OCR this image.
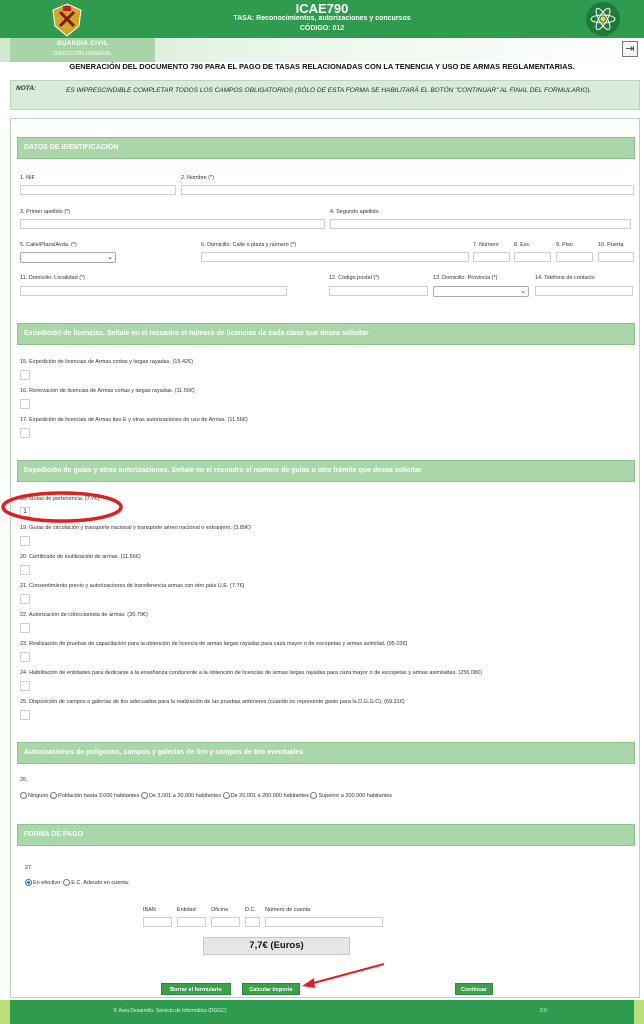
ICAE790
TASA: Reconocimientos, autorizaciones y concursos
CÓDIGO: 012
GUARDIA CIVIL
DIRECCIÓN GENERAL	⇥
GENERACIÓN DEL DOCUMENTO 790 PARA EL PAGO DE TASAS RELACIONADAS CON LA TENENCIA Y USO DE ARMAS REGLAMENTARIAS.
NOTA:	ES IMPRESCINDIBLE COMPLETAR TODOS LOS CAMPOS OBLIGATORIOS (SÓLO DE ESTA FORMA SE HABILITARÁ EL BOTÓN "CONTINUAR" AL FINAL DEL FORMULARIO).
DATOS DE IDENTIFICACIÓN
1. NIF	2. Nombre (*)
3. Primer apellido (*)	4. Segundo apellido
5. Calle/Plaza/Avda. (*)
⌄
6. Domicilio: Calle o plaza y número (*)	7. Número	8. Esc.	9. Piso	10. Puerta
11. Domicilio: Localidad (*)	12. Código postal (*)	13. Domicilio: Provincia (*)
⌄
14. Teléfono de contacto
Expedición de licencias. Señale en el recuadro el número de licencias de cada clase que desea solicitar
15. Expedición de licencias de Armas cortas y largas rayadas. (15.42€)
16. Renovación de licencias de Armas cortas y largas rayadas. (11.56€)
17. Expedición de licencias de Armas tipo E y otras autorizaciones de uso de Armas. (11.56€)
Expedición de guías y otras autorizaciones. Señale en el recuadro el número de guías u otro trámite que desea solicitar
18. Guías de pertenencia. (7.7€)
1
19. Guías de circulación y transporte nacional y transporte aéreo nacional o extranjero. (3.89€)
20. Certificado de inutilización de armas. (11.56€)
21. Consentimiento previo y autorizaciones de transferencia armas con otro país U.E. (7.7€)
22. Autorización de coleccionista de armas. (30.79€)
23. Realización de pruebas de capacitación para la obtención de licencia de armas largas rayadas para caza mayor o de escopetas y armas asimilad. (95.03€)
24. Habilitación de entidades para dedicarse a la enseñanza conducente a la obtención de licencias de armas largas rayadas para caza mayor o de escopetas y armas asimiladas. (256.08€)
25. Disposición de campos o galerías de tiro adecuados para la realización de las pruebas anteriores (cuando no represente gasto para la D.G.G.C). (69.31€)
Autorizaciones de polígonos, campos y galerías de tiro y campos de tiro eventuales
26.
Ninguno Población hasta 3.000 habitantes De 3.001 a 20.000 habitantes De 20.001 a 200.000 habitantes Superior a 200.000 habitantes
FORMA DE PAGO
27.
En efectivo: E.C. Adeudo en cuenta:
IBAN	Entidad	Oficina	D.C. Número de cuenta
7,7€ (Euros)
Borrar el formulario	Calcular Importe	Continuar
© Área Desarrollo. Servicio de Informática (DGGC)	2.0
